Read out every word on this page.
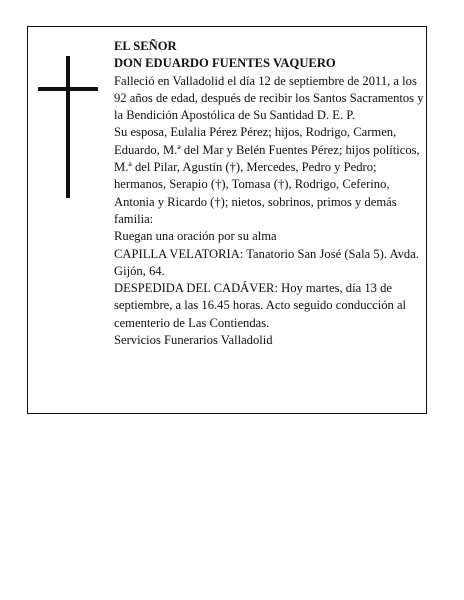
EL SEÑOR

DON EDUARDO FUENTES VAQUERO

Falleció en Valladolid el día 12 de septiembre de 2011, a los 92 años de edad, después de recibir los Santos Sacramentos y la Bendición Apostólica de Su Santidad D. E. P.

Su esposa, Eulalia Pérez Pérez; hijos, Rodrigo, Carmen, Eduardo, M.ª del Mar y Belén Fuentes Pérez; hijos políticos, M.ª del Pilar, Agustín (†), Mercedes, Pedro y Pedro; hermanos, Serapio (†), Tomasa (†), Rodrigo, Ceferino, Antonia y Ricardo (†); nietos, sobrinos, primos y demás familia:

Ruegan una oración por su alma

CAPILLA VELATORIA: Tanatorio San José (Sala 5). Avda. Gijón, 64.

DESPEDIDA DEL CADÁVER: Hoy martes, día 13 de septiembre, a las 16.45 horas. Acto seguido conducción al cementerio de Las Contiendas.

Servicios Funerarios Valladolid
